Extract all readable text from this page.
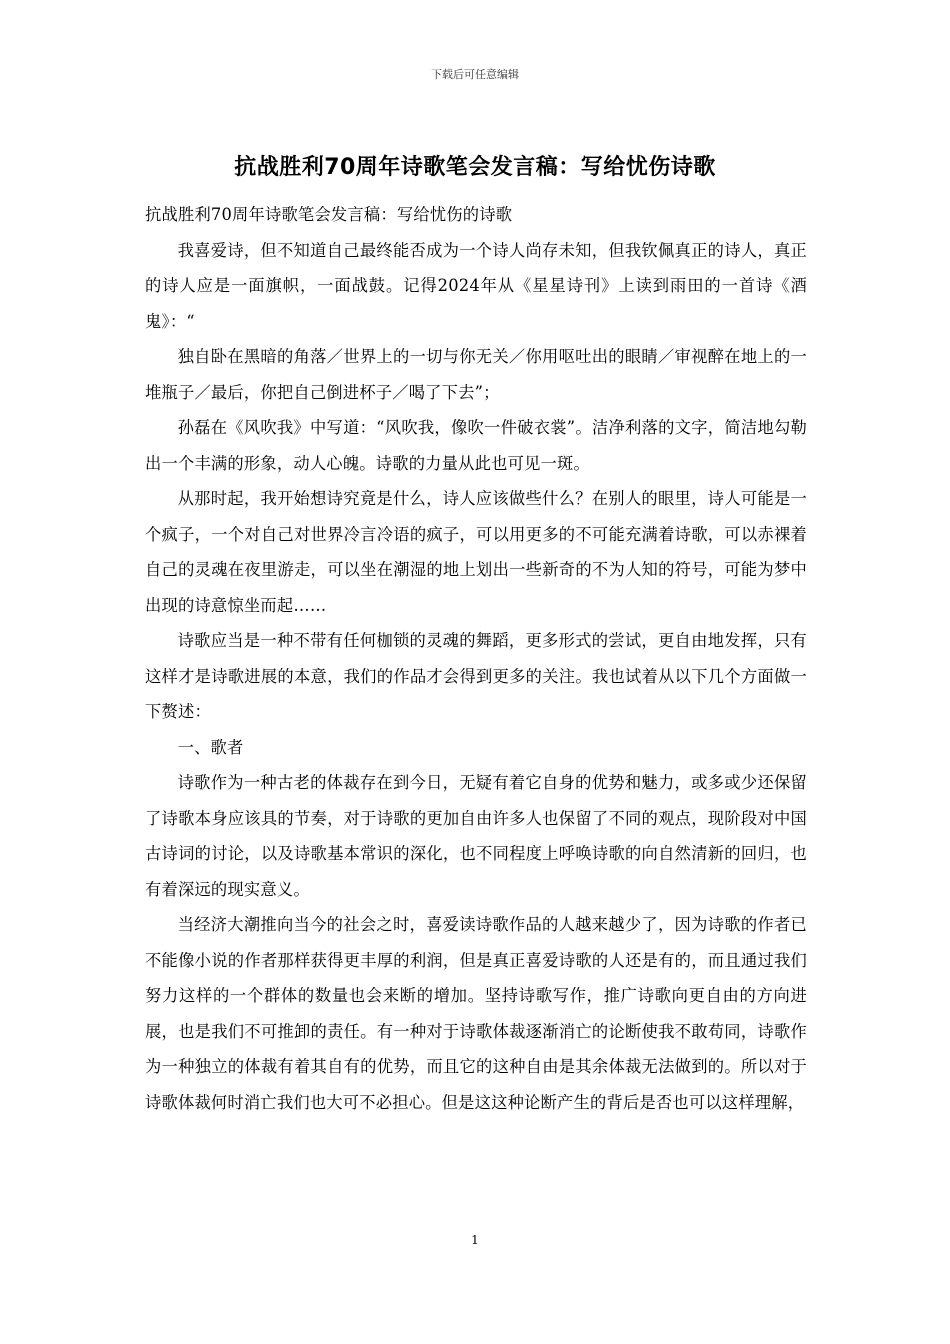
下载后可任意编辑
抗战胜利70周年诗歌笔会发言稿：写给忧伤诗歌

抗战胜利70周年诗歌笔会发言稿：写给忧伤的诗歌

我喜爱诗，但不知道自己最终能否成为一个诗人尚存未知，但我钦佩真正的诗人，真正的诗人应是一面旗帜，一面战鼓。记得2024年从《星星诗刊》上读到雨田的一首诗《酒鬼》：“

独自卧在黑暗的角落／世界上的一切与你无关／你用呕吐出的眼睛／审视醉在地上的一堆瓶子／最后，你把自己倒进杯子／喝了下去”；

孙磊在《风吹我》中写道：“风吹我，像吹一件破衣裳”。洁净利落的文字，简洁地勾勒出一个丰满的形象，动人心魄。诗歌的力量从此也可见一斑。

从那时起，我开始想诗究竟是什么，诗人应该做些什么？在别人的眼里，诗人可能是一个疯子，一个对自己对世界冷言冷语的疯子，可以用更多的不可能充满着诗歌，可以赤裸着自己的灵魂在夜里游走，可以坐在潮湿的地上划出一些新奇的不为人知的符号，可能为梦中出现的诗意惊坐而起……

诗歌应当是一种不带有任何枷锁的灵魂的舞蹈，更多形式的尝试，更自由地发挥，只有这样才是诗歌进展的本意，我们的作品才会得到更多的关注。我也试着从以下几个方面做一下赘述：

一、歌者

诗歌作为一种古老的体裁存在到今日，无疑有着它自身的优势和魅力，或多或少还保留了诗歌本身应该具的节奏，对于诗歌的更加自由许多人也保留了不同的观点，现阶段对中国古诗词的讨论，以及诗歌基本常识的深化，也不同程度上呼唤诗歌的向自然清新的回归，也有着深远的现实意义。

当经济大潮推向当今的社会之时，喜爱读诗歌作品的人越来越少了，因为诗歌的作者已不能像小说的作者那样获得更丰厚的利润，但是真正喜爱诗歌的人还是有的，而且通过我们努力这样的一个群体的数量也会来断的增加。坚持诗歌写作，推广诗歌向更自由的方向进展，也是我们不可推卸的责任。有一种对于诗歌体裁逐渐消亡的论断使我不敢苟同，诗歌作为一种独立的体裁有着其自有的优势，而且它的这种自由是其余体裁无法做到的。所以对于诗歌体裁何时消亡我们也大可不必担心。但是这这种论断产生的背后是否也可以这样理解，

1
